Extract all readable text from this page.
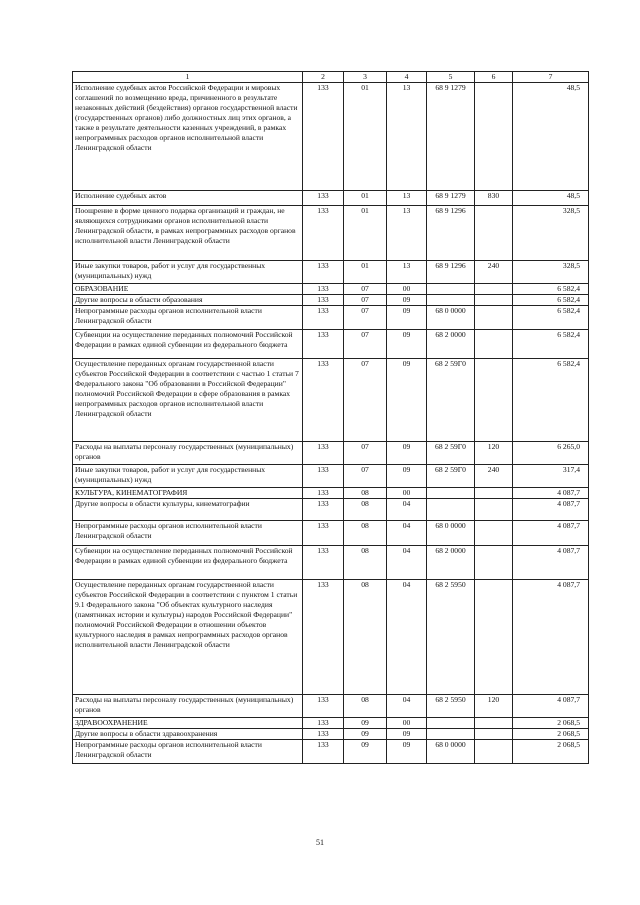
1	2	3	4	5	6	7
Исполнение судебных актов Российской Федерации и мировых соглашений по возмещению вреда, причиненного в результате незаконных действий (бездействия) органов государственной власти (государственных органов) либо должностных лиц этих органов, а также в результате деятельности казенных учреждений, в рамках непрограммных расходов органов исполнительной власти Ленинградской области	133	01	13	68 9 1279		48,5
Исполнение судебных актов	133	01	13	68 9 1279	830	48,5
Поощрение в форме ценного подарка организаций и граждан, не являющихся сотрудниками органов исполнительной власти Ленинградской области, в рамках непрограммных расходов органов исполнительной власти Ленинградской области	133	01	13	68 9 1296		328,5
Иные закупки товаров, работ и услуг для государственных (муниципальных) нужд	133	01	13	68 9 1296	240	328,5
ОБРАЗОВАНИЕ	133	07	00			6 582,4
Другие вопросы в области образования	133	07	09			6 582,4
Непрограммные расходы органов исполнительной власти Ленинградской области	133	07	09	68 0 0000		6 582,4
Субвенции на осуществление переданных полномочий Российской Федерации в рамках единой субвенции из федерального бюджета	133	07	09	68 2 0000		6 582,4
Осуществление переданных органам государственной власти субъектов Российской Федерации в соответствии с частью 1 статьи 7 Федерального закона "Об образовании в Российской Федерации" полномочий Российской Федерации в сфере образования в рамках непрограммных расходов органов исполнительной власти Ленинградской области	133	07	09	68 2 59Г0		6 582,4
Расходы на выплаты персоналу государственных (муниципальных) органов	133	07	09	68 2 59Г0	120	6 265,0
Иные закупки товаров, работ и услуг для государственных (муниципальных) нужд	133	07	09	68 2 59Г0	240	317,4
КУЛЬТУРА, КИНЕМАТОГРАФИЯ	133	08	00			4 087,7
Другие вопросы в области культуры, кинематографии	133	08	04			4 087,7
Непрограммные расходы органов исполнительной власти Ленинградской области	133	08	04	68 0 0000		4 087,7
Субвенции на осуществление переданных полномочий Российской Федерации в рамках единой субвенции из федерального бюджета	133	08	04	68 2 0000		4 087,7
Осуществление переданных органам государственной власти субъектов Российской Федерации в соответствии с пунктом 1 статьи 9.1 Федерального закона "Об объектах культурного наследия (памятниках истории и культуры) народов Российской Федерации" полномочий Российской Федерации в отношении объектов культурного наследия в рамках непрограммных расходов органов исполнительной власти Ленинградской области	133	08	04	68 2 5950		4 087,7
Расходы на выплаты персоналу государственных (муниципальных) органов	133	08	04	68 2 5950	120	4 087,7
ЗДРАВООХРАНЕНИЕ	133	09	00			2 068,5
Другие вопросы в области здравоохранения	133	09	09			2 068,5
Непрограммные расходы органов исполнительной власти Ленинградской области	133	09	09	68 0 0000		2 068,5
51
